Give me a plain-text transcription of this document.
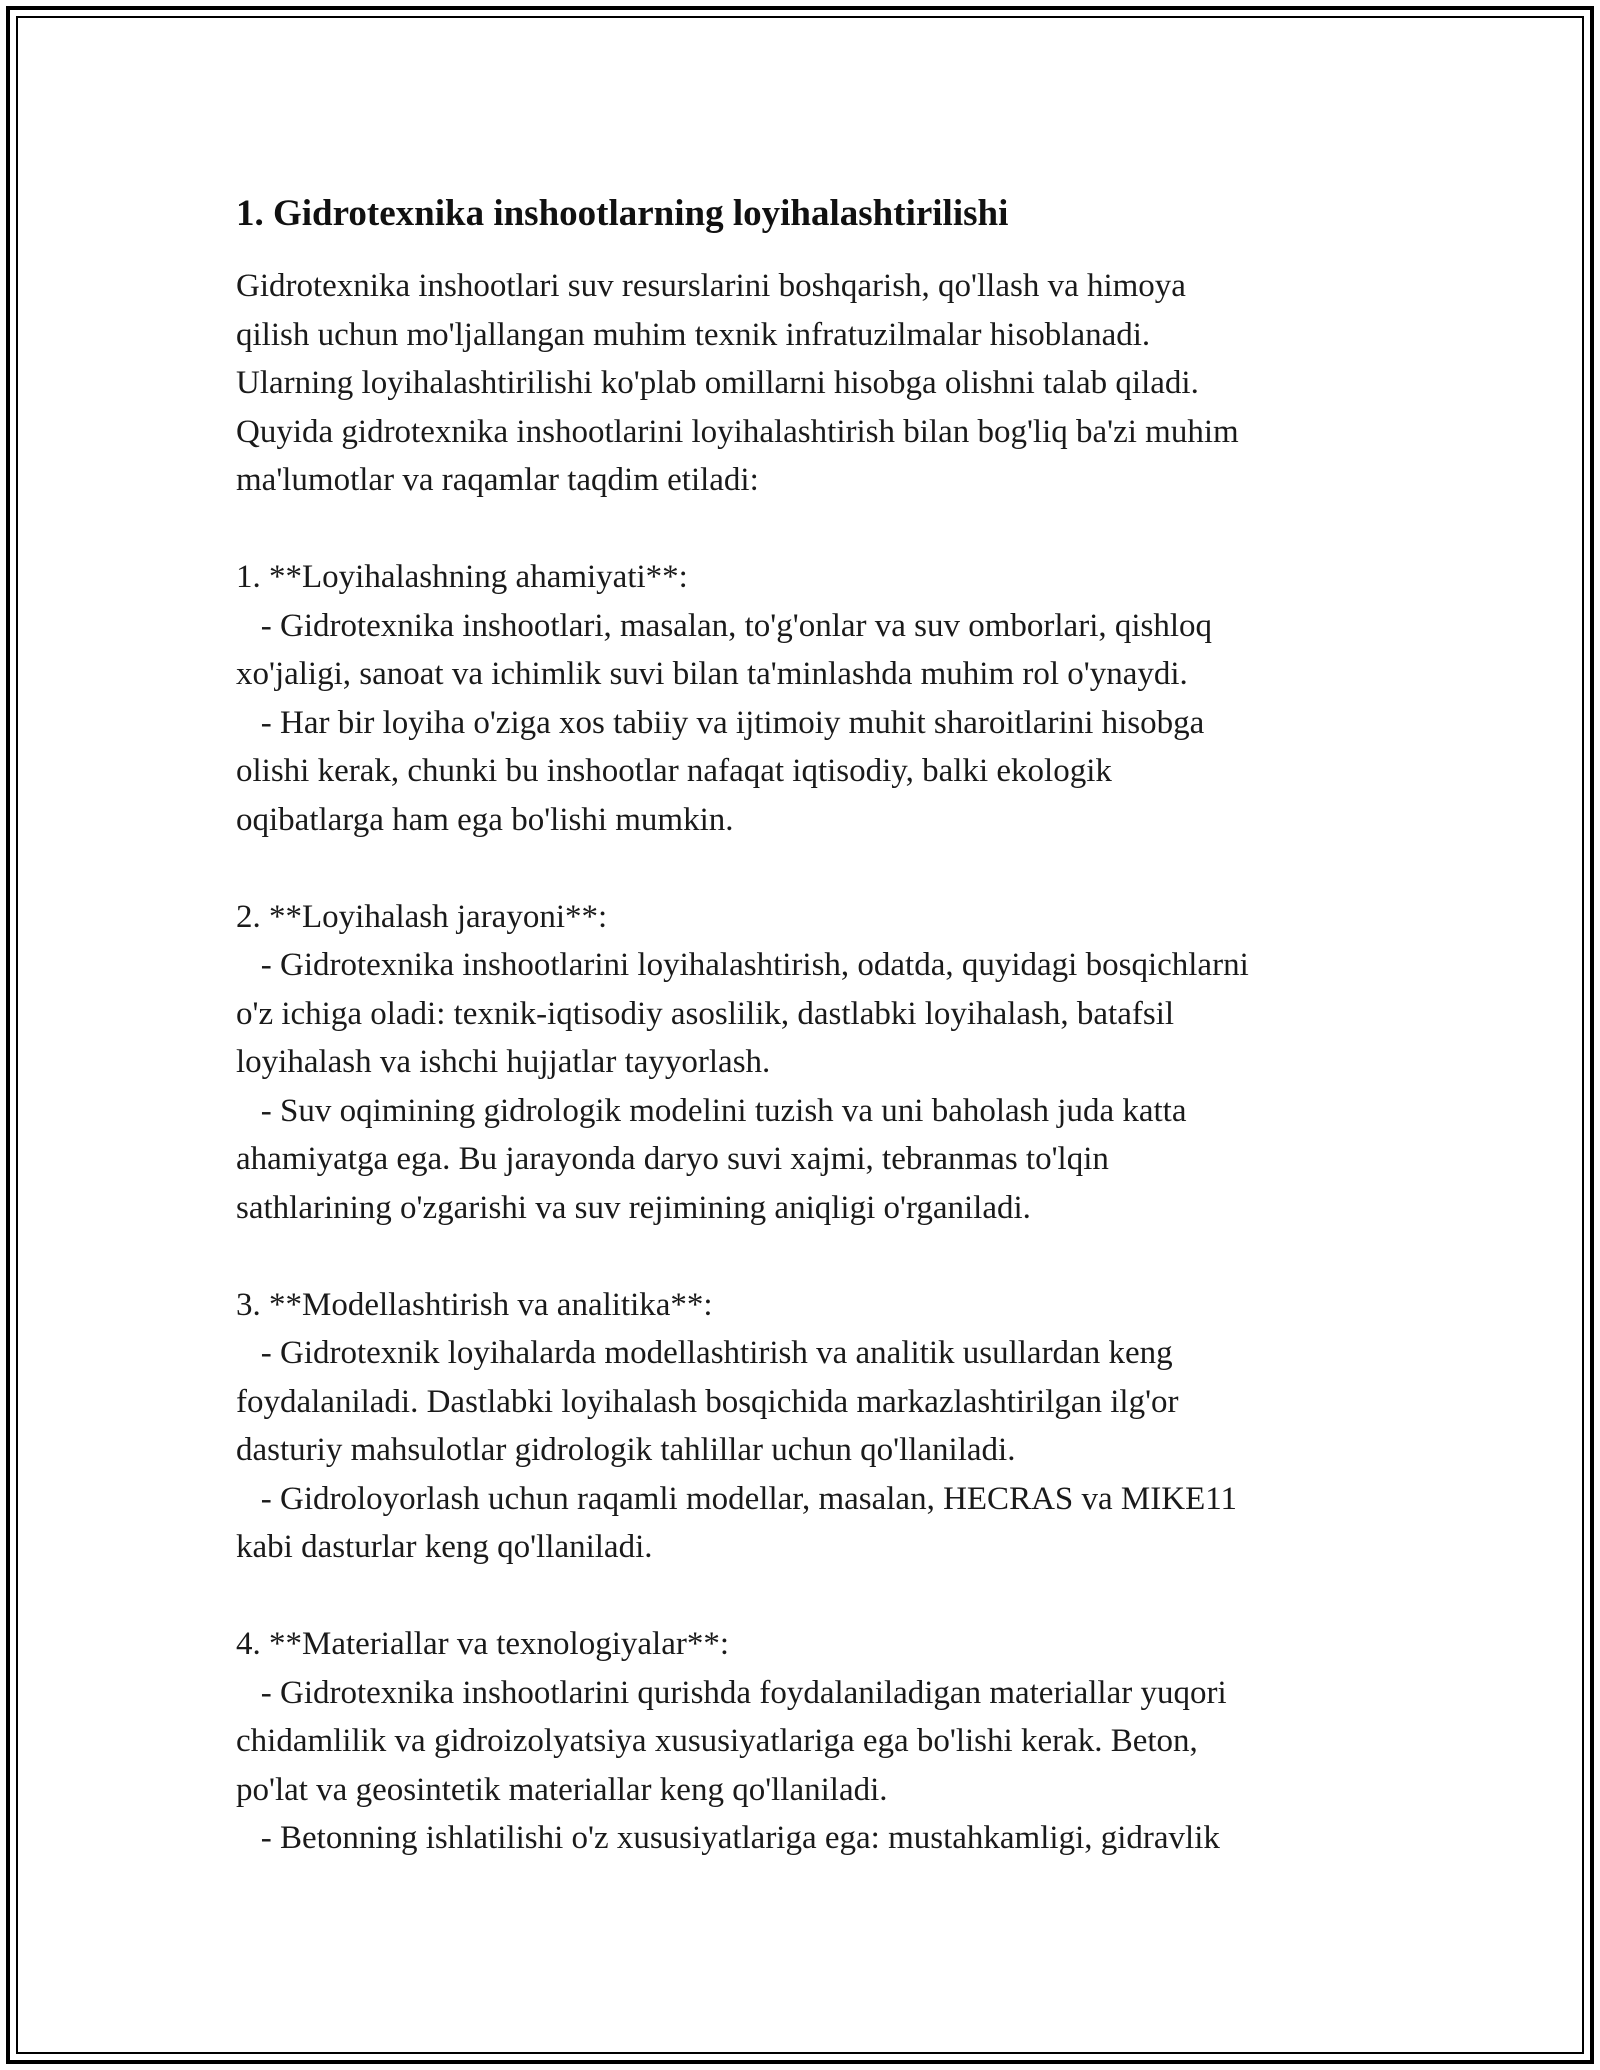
1. Gidrotexnika inshootlarning loyihalashtirilishi

Gidrotexnika inshootlari suv resurslarini boshqarish, qo'llash va himoya
qilish uchun mo'ljallangan muhim texnik infratuzilmalar hisoblanadi.
Ularning loyihalashtirilishi ko'plab omillarni hisobga olishni talab qiladi.
Quyida gidrotexnika inshootlarini loyihalashtirish bilan bog'liq ba'zi muhim
ma'lumotlar va raqamlar taqdim etiladi:

1. **Loyihalashning ahamiyati**:
- Gidrotexnika inshootlari, masalan, to'g'onlar va suv omborlari, qishloq
xo'jaligi, sanoat va ichimlik suvi bilan ta'minlashda muhim rol o'ynaydi.
- Har bir loyiha o'ziga xos tabiiy va ijtimoiy muhit sharoitlarini hisobga
olishi kerak, chunki bu inshootlar nafaqat iqtisodiy, balki ekologik
oqibatlarga ham ega bo'lishi mumkin.

2. **Loyihalash jarayoni**:
- Gidrotexnika inshootlarini loyihalashtirish, odatda, quyidagi bosqichlarni
o'z ichiga oladi: texnik-iqtisodiy asoslilik, dastlabki loyihalash, batafsil
loyihalash va ishchi hujjatlar tayyorlash.
- Suv oqimining gidrologik modelini tuzish va uni baholash juda katta
ahamiyatga ega. Bu jarayonda daryo suvi xajmi, tebranmas to'lqin
sathlarining o'zgarishi va suv rejimining aniqligi o'rganiladi.

3. **Modellashtirish va analitika**:
- Gidrotexnik loyihalarda modellashtirish va analitik usullardan keng
foydalaniladi. Dastlabki loyihalash bosqichida markazlashtirilgan ilg'or
dasturiy mahsulotlar gidrologik tahlillar uchun qo'llaniladi.
- Gidroloyorlash uchun raqamli modellar, masalan, HECRAS va MIKE11
kabi dasturlar keng qo'llaniladi.

4. **Materiallar va texnologiyalar**:
- Gidrotexnika inshootlarini qurishda foydalaniladigan materiallar yuqori
chidamlilik va gidroizolyatsiya xususiyatlariga ega bo'lishi kerak. Beton,
po'lat va geosintetik materiallar keng qo'llaniladi.
- Betonning ishlatilishi o'z xususiyatlariga ega: mustahkamligi, gidravlik
